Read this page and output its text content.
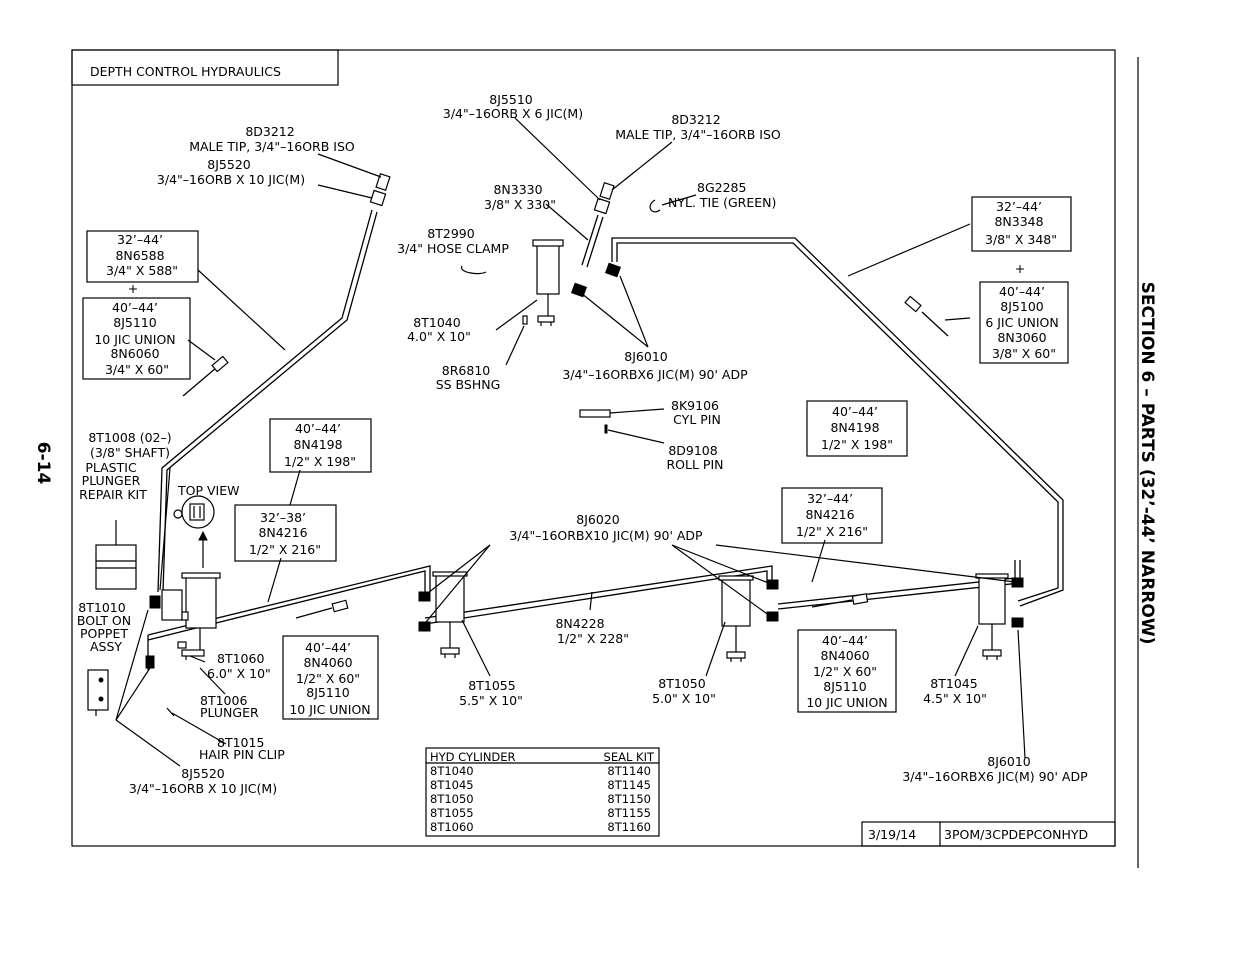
SECTION 6 – PARTS (32’-44’ NARROW)
6-14
DEPTH CONTROL HYDRAULICS
3/19/14 3POM/3CPDEPCONHYD
8J5510 3/4"–16ORB X 6 JIC(M)	8D3212 MALE TIP, 3/4"–16ORB ISO
8D3212 MALE TIP, 3/4"–16ORB ISO
8J5520 3/4"–16ORB X 10 JIC(M)
8N3330 3/8" X 330"
8G2285 NYL. TIE (GREEN)
8T2990 3/4" HOSE CLAMP
8T1040 4.0" X 10"
8R6810 SS BSHNG
8J6010 3/4"–16ORBX6 JIC(M) 90' ADP
8K9106 CYL PIN
8D9108 ROLL PIN
8T1008 (02–) (3/8" SHAFT) PLASTIC PLUNGER REPAIR KIT	TOP VIEW
8J6020 3/4"–16ORBX10 JIC(M) 90' ADP
8N4228 1/2" X 228"
8T1010 BOLT ON POPPET ASSY
8T1060 6.0" X 10"
8T1006 PLUNGER
8T1015 HAIR PIN CLIP
8J5520 3/4"–16ORB X 10 JIC(M)
8T1055 5.5" X 10"
8T1050 5.0" X 10"
8T1045 4.5" X 10"
8J6010 3/4"–16ORBX6 JIC(M) 90' ADP
32’–44’ 8N6588 3/4" X 588"
+
40’–44’ 8J5110 10 JIC UNION 8N6060 3/4" X 60"
32’–44’ 8N3348 3/8" X 348"
+
40’–44’ 8J5100 6 JIC UNION 8N3060 3/8" X 60"
40’–44’ 8N4198 1/2" X 198"
32’–38’ 8N4216 1/2" X 216"
40’–44’ 8N4060 1/2" X 60" 8J5110 10 JIC UNION
40’–44’ 8N4198 1/2" X 198"
32’–44’ 8N4216 1/2" X 216"
40’–44’ 8N4060 1/2" X 60" 8J5110 10 JIC UNION
HYD CYLINDER	SEAL KIT
8T1040	8T1140
8T1045	8T1145
8T1050	8T1150
8T1055	8T1155
8T1060	8T1160
